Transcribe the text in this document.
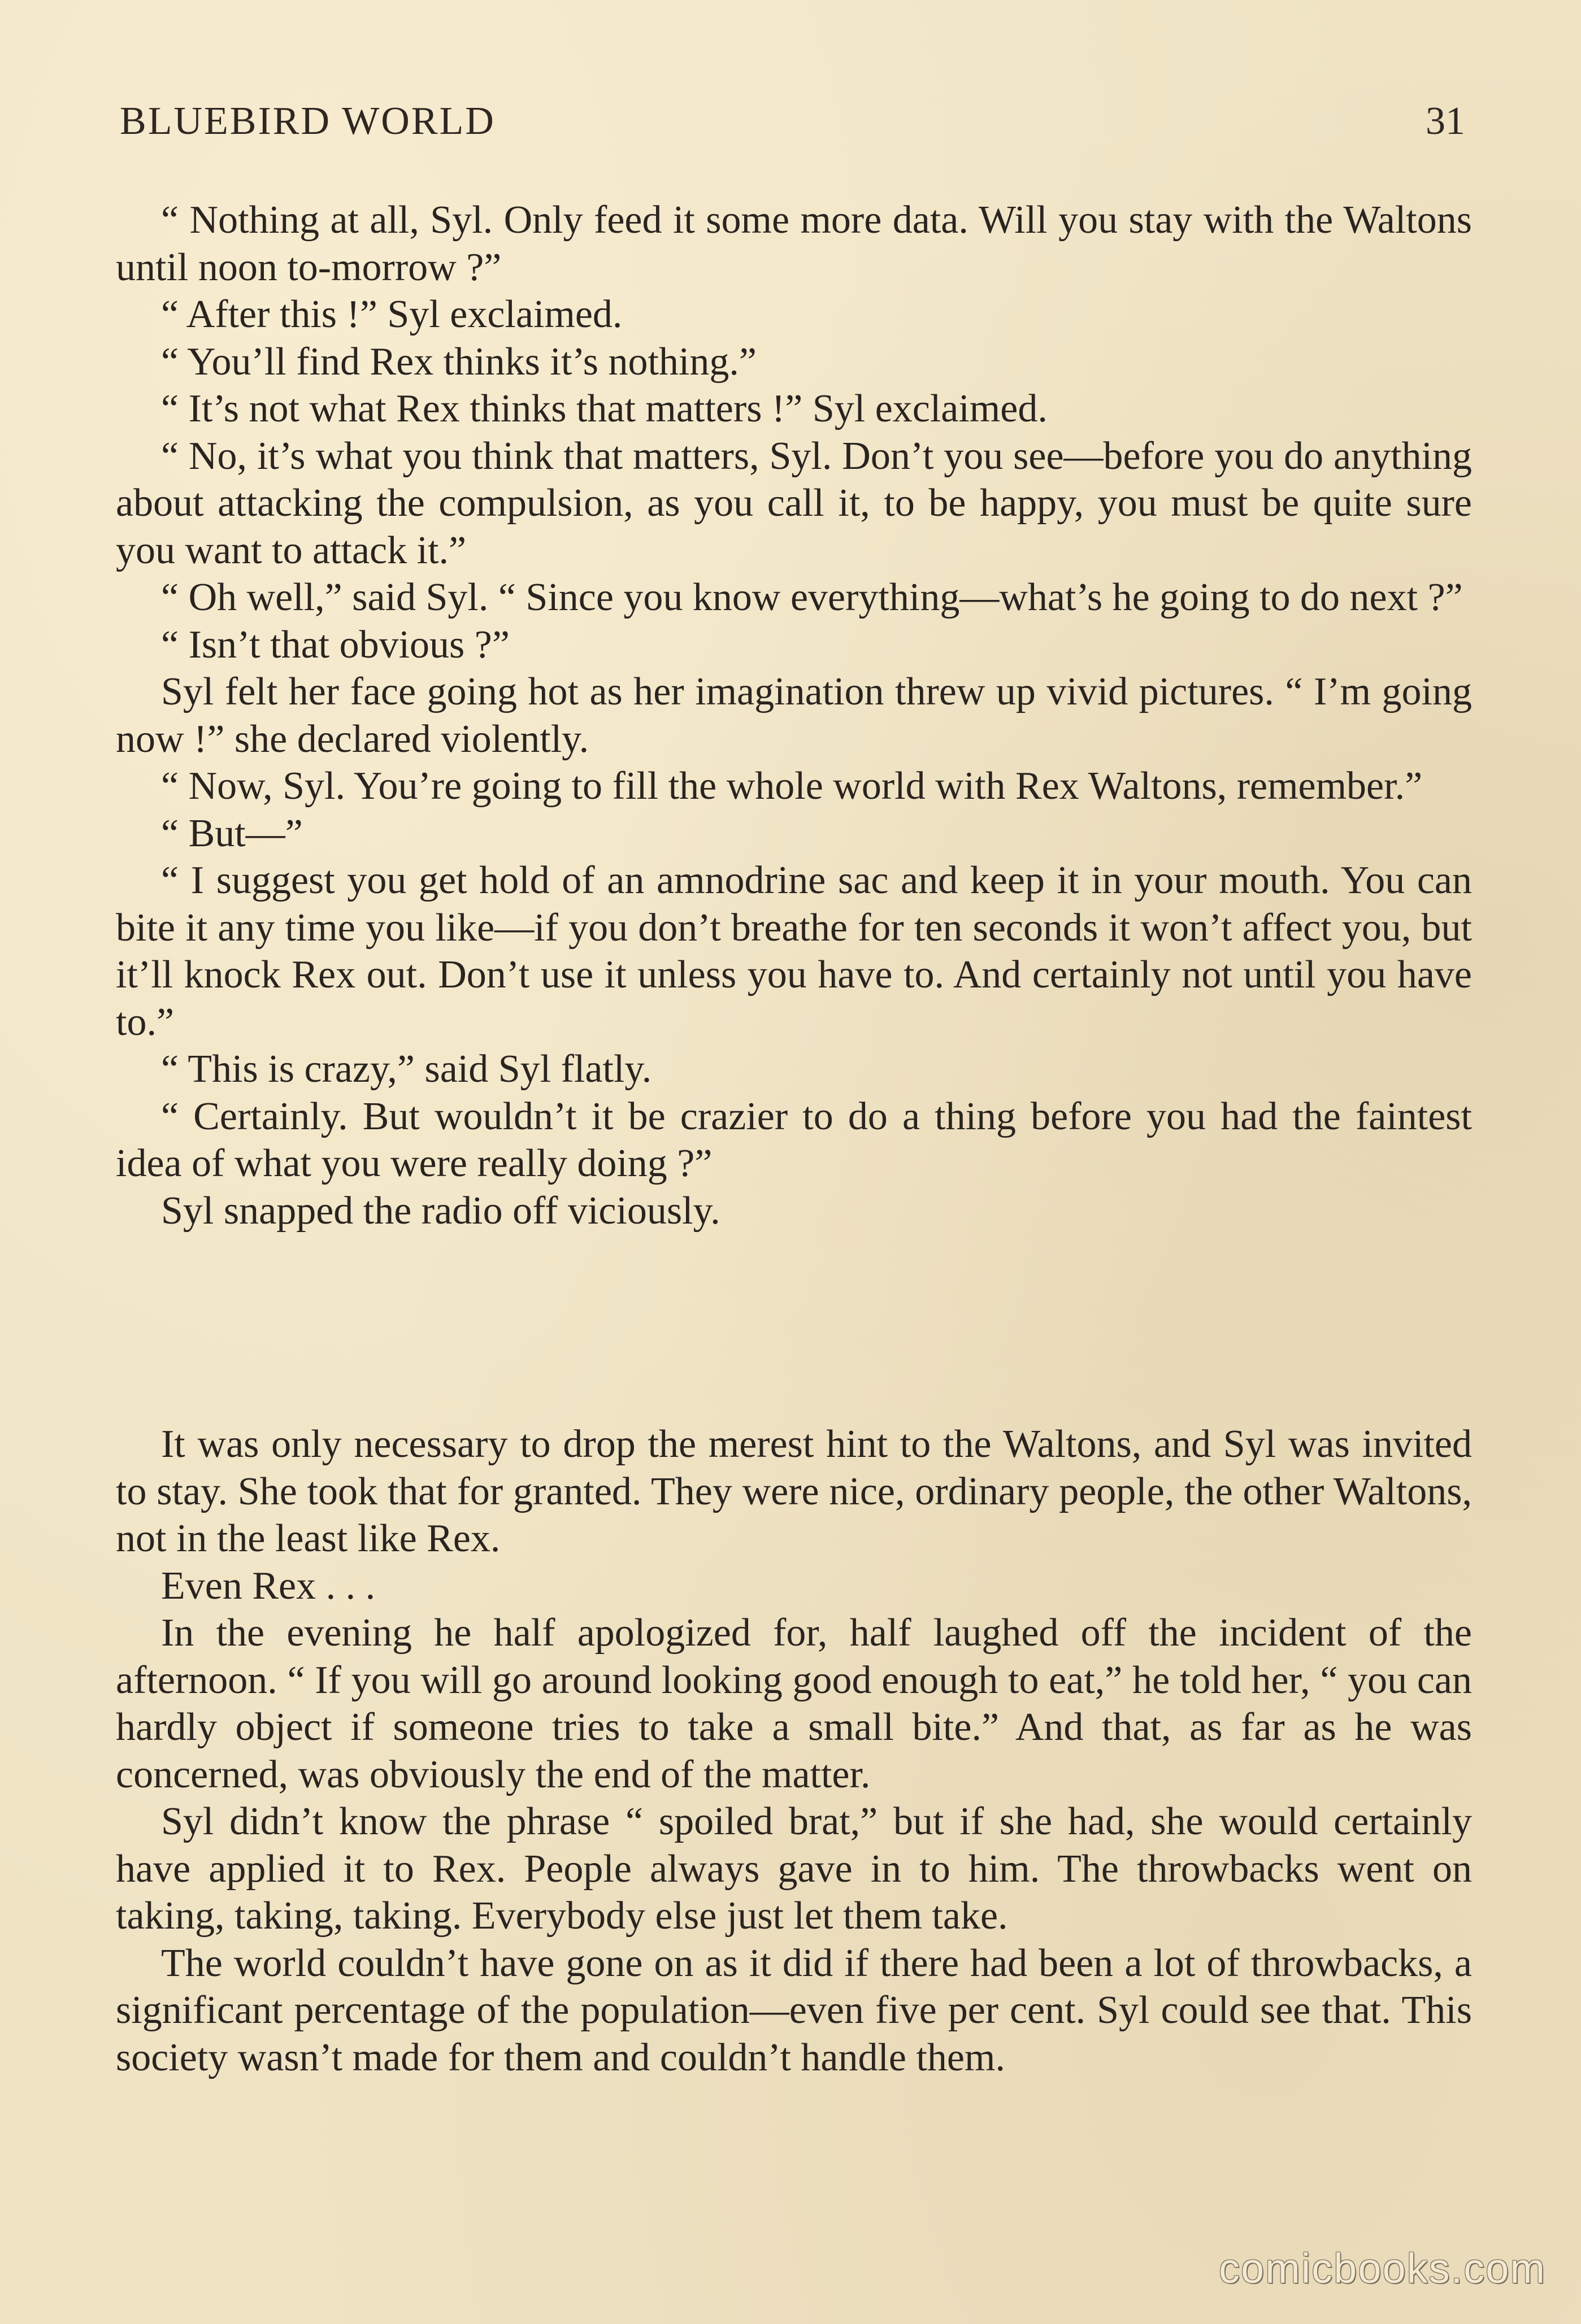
BLUEBIRD WORLD	31

“ Nothing at all, Syl. Only feed it some more data. Will you stay with the Waltons until noon to-morrow ?”

“ After this !” Syl exclaimed.

“ You’ll find Rex thinks it’s nothing.”

“ It’s not what Rex thinks that matters !” Syl exclaimed.

“ No, it’s what you think that matters, Syl. Don’t you see—before you do anything about attacking the compulsion, as you call it, to be happy, you must be quite sure you want to attack it.”

“ Oh well,” said Syl. “ Since you know everything—what’s he going to do next ?”

“ Isn’t that obvious ?”

Syl felt her face going hot as her imagination threw up vivid pictures. “ I’m going now !” she declared violently.

“ Now, Syl. You’re going to fill the whole world with Rex Waltons, remember.”

“ But—”

“ I suggest you get hold of an amnodrine sac and keep it in your mouth. You can bite it any time you like—if you don’t breathe for ten seconds it won’t affect you, but it’ll knock Rex out. Don’t use it unless you have to. And certainly not until you have to.”

“ This is crazy,” said Syl flatly.

“ Certainly. But wouldn’t it be crazier to do a thing before you had the faintest idea of what you were really doing ?”

Syl snapped the radio off viciously.

It was only necessary to drop the merest hint to the Waltons, and Syl was invited to stay. She took that for granted. They were nice, ordinary people, the other Waltons, not in the least like Rex.

Even Rex . . .

In the evening he half apologized for, half laughed off the incident of the afternoon. “ If you will go around looking good enough to eat,” he told her, “ you can hardly object if someone tries to take a small bite.” And that, as far as he was concerned, was obviously the end of the matter.

Syl didn’t know the phrase “ spoiled brat,” but if she had, she would certainly have applied it to Rex. People always gave in to him. The throwbacks went on taking, taking, taking. Everybody else just let them take.

The world couldn’t have gone on as it did if there had been a lot of throwbacks, a significant percentage of the population—even five per cent. Syl could see that. This society wasn’t made for them and couldn’t handle them.

comicbooks.com
